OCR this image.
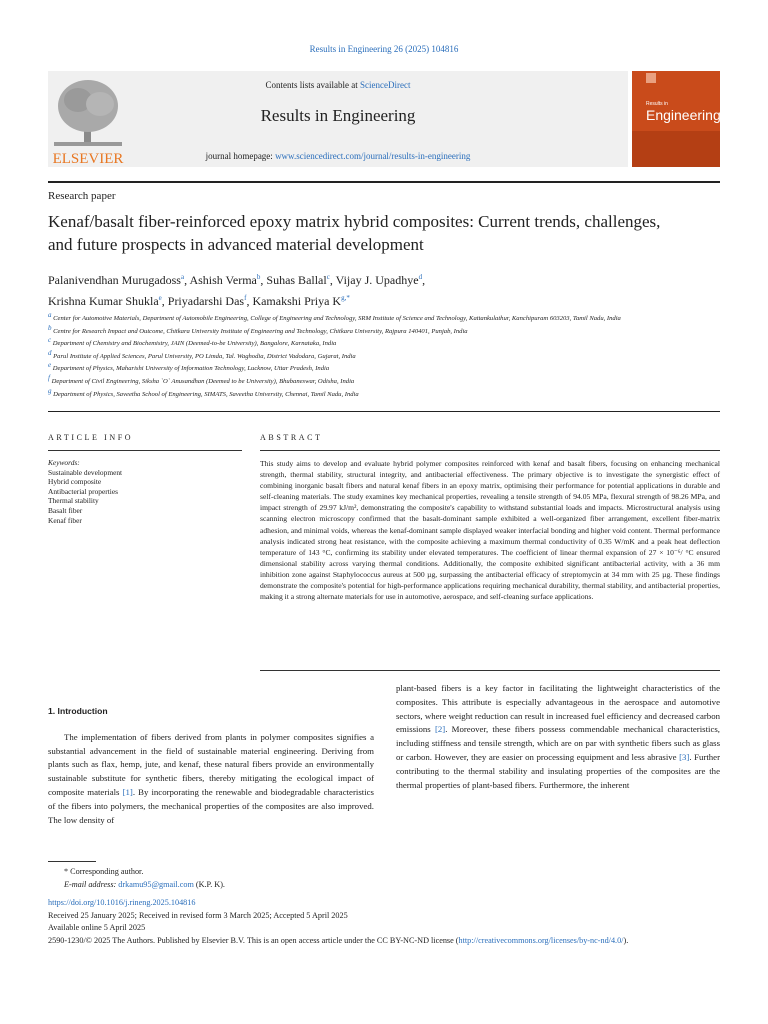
Results in Engineering 26 (2025) 104816
ELSEVIER
Contents lists available at ScienceDirect
Results in Engineering
journal homepage: www.sciencedirect.com/journal/results-in-engineering
Results in
Engineering
Research paper
Kenaf/basalt fiber-reinforced epoxy matrix hybrid composites: Current trends, challenges, and future prospects in advanced material development
Palanivendhan Murugadoss$^a$, Ashish Verma$^b$, Suhas Ballal$^c$, Vijay J. Upadhye$^d$,
Krishna Kumar Shukla$^e$, Priyadarshi Das$^f$, Kamakshi Priya $K^{g,*}$
$^a$ Center for Automotive Materials, Department of Automobile Engineering, College of Engineering and Technology, SRM Institute of Science and Technology, Kattankulathur, Kanchipuram 603203, Tamil Nadu, India
$^b$ Centre for Research Impact and Outcome, Chitkara University Institute of Engineering and Technology, Chitkara University, Rajpura 140401, Punjab, India
$^c$ Department of Chemistry and Biochemistry, JAIN (Deemed-to-be University), Bangalore, Karnataka, India
$^d$ Parul Institute of Applied Sciences, Parul University, PO Limda, Tal. Waghodia, District Vadodara, Gujarat, India
$^e$ Department of Physics, Maharishi University of Information Technology, Lucknow, Uttar Pradesh, India
$^f$ Department of Civil Engineering, Siksha `O` Anusandhan (Deemed to be University), Bhubaneswar, Odisha, India
$^g$ Department of Physics, Saveetha School of Engineering, SIMATS, Saveetha University, Chennai, Tamil Nadu, India
ARTICLE INFO
Keywords:
Sustainable development
Hybrid composite
Antibacterial properties
Thermal stability
Basalt fiber
Kenaf fiber
ABSTRACT
This study aims to develop and evaluate hybrid polymer composites reinforced with kenaf and basalt fibers, focusing on enhancing mechanical strength, thermal stability, structural integrity, and antibacterial effectiveness. The primary objective is to investigate the synergistic effect of combining inorganic basalt fibers and natural kenaf fibers in an epoxy matrix, optimising their performance for potential applications in durable and self-cleaning materials. The study examines key mechanical properties, revealing a tensile strength of 94.05 MPa, flexural strength of 98.26 MPa, and impact strength of 29.97 kJ/m², demonstrating the composite's capability to withstand substantial loads and impacts. Microstructural analysis using scanning electron microscopy confirmed that the basalt-dominant sample exhibited a well-organized fiber arrangement, excellent fiber-matrix adhesion, and minimal voids, whereas the kenaf-dominant sample displayed weaker interfacial bonding and higher void content. Thermal performance analysis indicated strong heat resistance, with the composite achieving a maximum thermal conductivity of 0.35 W/mK and a peak heat deflection temperature of 143 °C, confirming its stability under elevated temperatures. The coefficient of linear thermal expansion of 27 × 10⁻⁶/ °C ensured dimensional stability across varying thermal conditions. Additionally, the composite exhibited significant antibacterial activity, with a 36 mm inhibition zone against Staphylococcus aureus at 500 µg, surpassing the antibacterial efficacy of streptomycin at 34 mm with 25 µg. These findings demonstrate the composite's potential for high-performance applications requiring mechanical durability, thermal stability, and antibacterial properties, making it a strong alternate materials for use in automotive, aerospace, and self-cleaning surface applications.
1. Introduction

The implementation of fibers derived from plants in polymer composites signifies a substantial advancement in the field of sustainable material engineering. Deriving from plants such as flax, hemp, jute, and kenaf, these natural fibers provide an environmentally sustainable substitute for synthetic fibers, thereby mitigating the ecological impact of composite materials [1]. By incorporating the renewable and biodegradable characteristics of the fibers into polymers, the mechanical properties of the composites are also improved. The low density of

plant-based fibers is a key factor in facilitating the lightweight characteristics of the composites. This attribute is especially advantageous in the aerospace and automotive sectors, where weight reduction can result in increased fuel efficiency and decreased carbon emissions [2]. Moreover, these fibers possess commendable mechanical characteristics, including stiffness and tensile strength, which are on par with synthetic fibers such as glass or carbon. However, they are easier on processing equipment and less abrasive [3]. Further contributing to the thermal stability and insulating properties of the composites are the thermal properties of plant-based fibers. Furthermore, the inherent

* Corresponding author.
E-mail address: drkamu95@gmail.com (K.P. K).
https://doi.org/10.1016/j.rineng.2025.104816
Received 25 January 2025; Received in revised form 3 March 2025; Accepted 5 April 2025
Available online 5 April 2025
2590-1230/© 2025 The Authors. Published by Elsevier B.V. This is an open access article under the CC BY-NC-ND license (http://creativecommons.org/licenses/by-nc-nd/4.0/).
